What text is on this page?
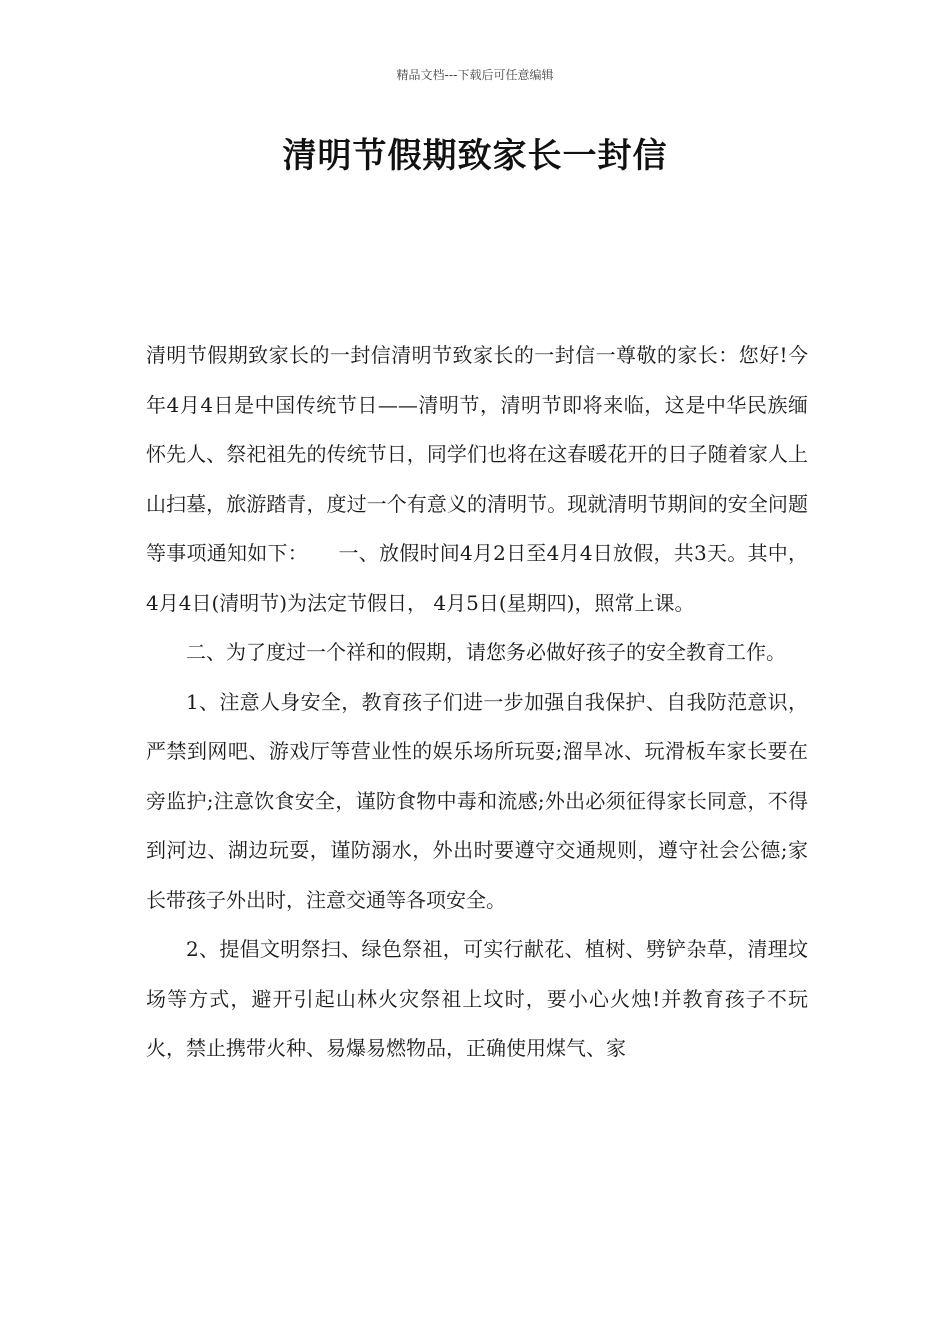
精品文档---下载后可任意编辑
清明节假期致家长一封信

清明节假期致家长的一封信清明节致家长的一封信一尊敬的家长：您好!今年4月4日是中国传统节日——清明节，清明节即将来临，这是中华民族缅怀先人、祭祀祖先的传统节日，同学们也将在这春暖花开的日子随着家人上山扫墓，旅游踏青，度过一个有意义的清明节。现就清明节期间的安全问题等事项通知如下：　　一、放假时间4月2日至4月4日放假，共3天。其中，4月4日(清明节)为法定节假日， 4月5日(星期四)，照常上课。

二、为了度过一个祥和的假期，请您务必做好孩子的安全教育工作。

1、注意人身安全，教育孩子们进一步加强自我保护、自我防范意识，严禁到网吧、游戏厅等营业性的娱乐场所玩耍;溜旱冰、玩滑板车家长要在旁监护;注意饮食安全，谨防食物中毒和流感;外出必须征得家长同意，不得到河边、湖边玩耍，谨防溺水，外出时要遵守交通规则，遵守社会公德;家长带孩子外出时，注意交通等各项安全。

2、提倡文明祭扫、绿色祭祖，可实行献花、植树、劈铲杂草，清理坟场等方式，避开引起山林火灾祭祖上坟时，要小心火烛!并教育孩子不玩火，禁止携带火种、易爆易燃物品，正确使用煤气、家
